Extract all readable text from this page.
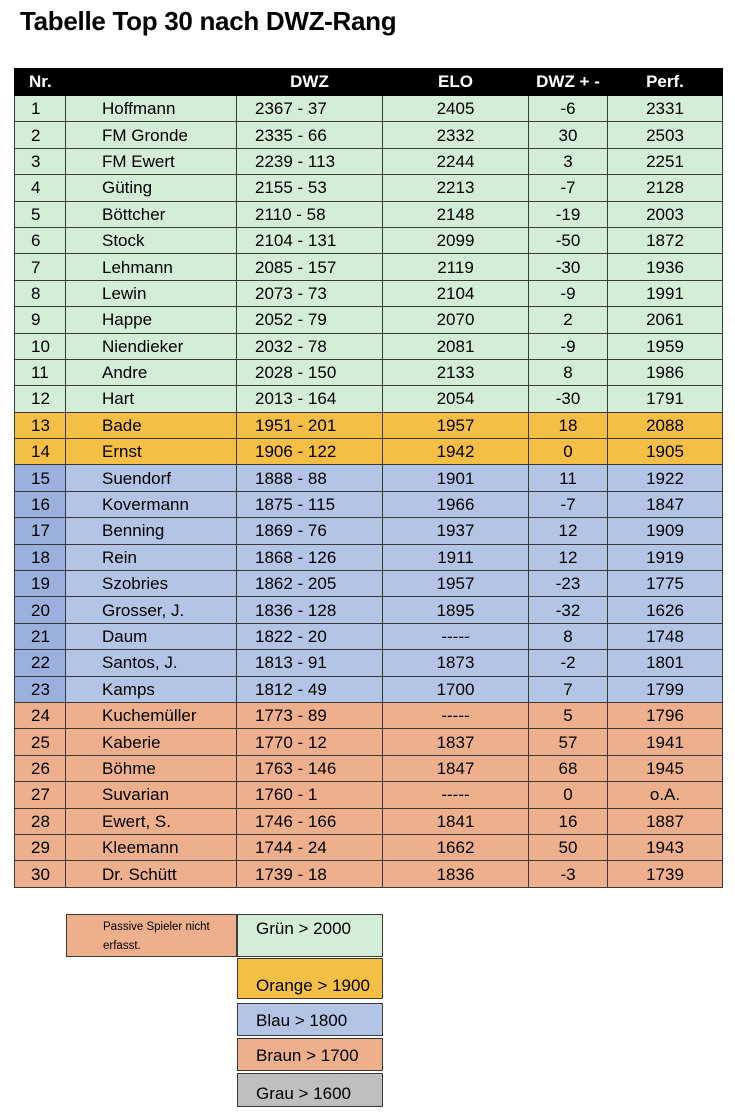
Tabelle Top 30 nach DWZ-Rang
Nr.		DWZ	ELO	DWZ + -	Perf.
1	Hoffmann	2367 - 37	2405	-6	2331
2	FM Gronde	2335 - 66	2332	30	2503
3	FM Ewert	2239 - 113	2244	3	2251
4	Güting	2155 - 53	2213	-7	2128
5	Böttcher	2110 - 58	2148	-19	2003
6	Stock	2104 - 131	2099	-50	1872
7	Lehmann	2085 - 157	2119	-30	1936
8	Lewin	2073 - 73	2104	-9	1991
9	Happe	2052 - 79	2070	2	2061
10	Niendieker	2032 - 78	2081	-9	1959
11	Andre	2028 - 150	2133	8	1986
12	Hart	2013 - 164	2054	-30	1791
13	Bade	1951 - 201	1957	18	2088
14	Ernst	1906 - 122	1942	0	1905
15	Suendorf	1888 - 88	1901	11	1922
16	Kovermann	1875 - 115	1966	-7	1847
17	Benning	1869 - 76	1937	12	1909
18	Rein	1868 - 126	1911	12	1919
19	Szobries	1862 - 205	1957	-23	1775
20	Grosser, J.	1836 - 128	1895	-32	1626
21	Daum	1822 - 20	-----	8	1748
22	Santos, J.	1813 - 91	1873	-2	1801
23	Kamps	1812 - 49	1700	7	1799
24	Kuchemüller	1773 - 89	-----	5	1796
25	Kaberie	1770 - 12	1837	57	1941
26	Böhme	1763 - 146	1847	68	1945
27	Suvarian	1760 - 1	-----	0	o.A.
28	Ewert, S.	1746 - 166	1841	16	1887
29	Kleemann	1744 - 24	1662	50	1943
30	Dr. Schütt	1739 - 18	1836	-3	1739
Passive Spieler nicht erfasst.
Grün > 2000
Orange > 1900
Blau > 1800
Braun > 1700
Grau > 1600
